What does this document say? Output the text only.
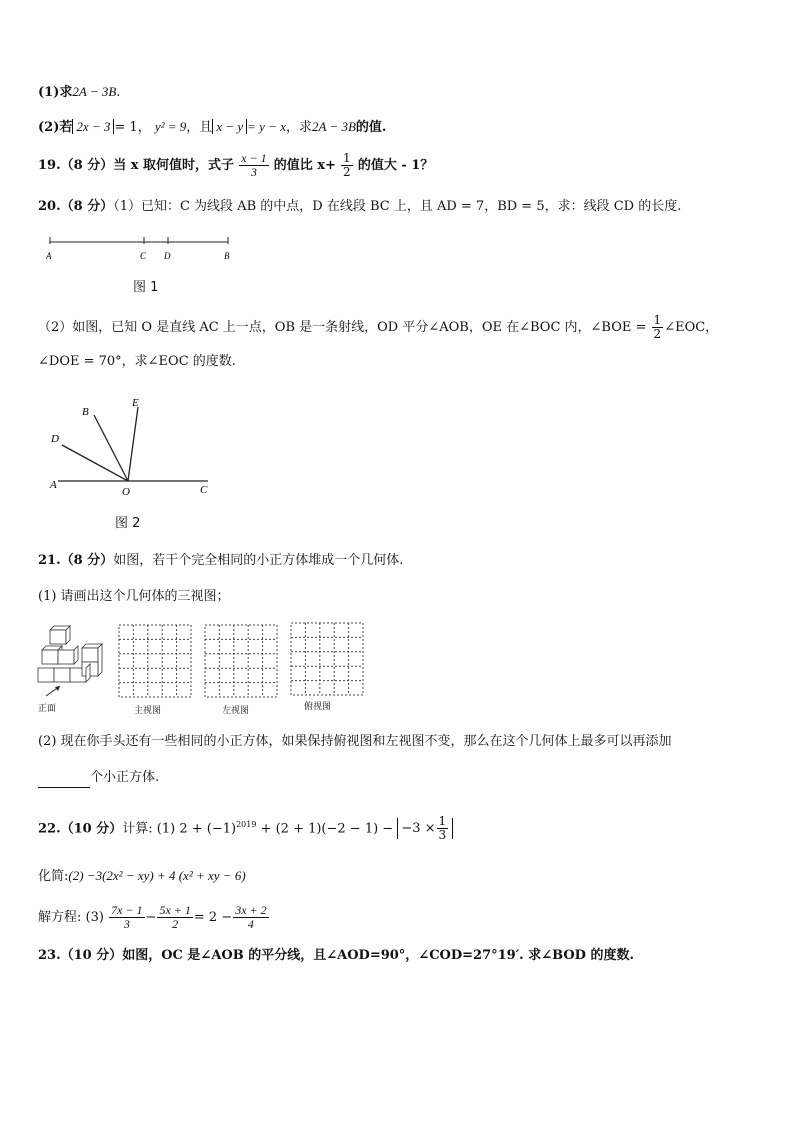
(1)求2A − 3B.
(2)若 2x − 3 = 1， y² = 9，且 x − y = y − x，求2A − 3B的值.
19.（8 分）当 x 取何值时，式子 $\frac{x - 1}{3}$ 的值比 $x+ \frac{1}{2}$ 的值大 - 1？
20.（8 分）（1）已知：C 为线段 AB 的中点，D 在线段 BC 上，且 AD = 7，BD = 5，求：线段 CD 的长度.
A	C D	B
图 1
（2）如图，已知 O 是直线 AC 上一点，OB 是一条射线，OD 平分∠AOB，OE 在∠BOC 内，∠BOE = $\frac{1}{2}$ ∠EOC，
∠DOE = 70°，求∠EOC 的度数.
B
E
D
A
O	C
图 2
21.（8 分）如图，若干个完全相同的小正方体堆成一个几何体.
(1) 请画出这个几何体的三视图；
正面	主视图	左视图	俯视图
(2) 现在你手头还有一些相同的小正方体，如果保持俯视图和左视图不变，那么在这个几何体上最多可以再添加
个小正方体.
22.（10 分）计算: (1) $2 + (-1)^{2019} + (2 + 1)(-2 - 1) - -3 \times \frac{1}{3}$
化简:(2) −3(2x² − xy) + 4 (x² + xy − 6)
解方程: $(3) \frac{7x - 1}{3} - \frac{5x + 1}{2} = 2 - \frac{3x + 2}{4}$
23.（10 分）如图，OC 是∠AOB 的平分线，且∠AOD=90°，∠COD=27°19′. 求∠BOD 的度数.
